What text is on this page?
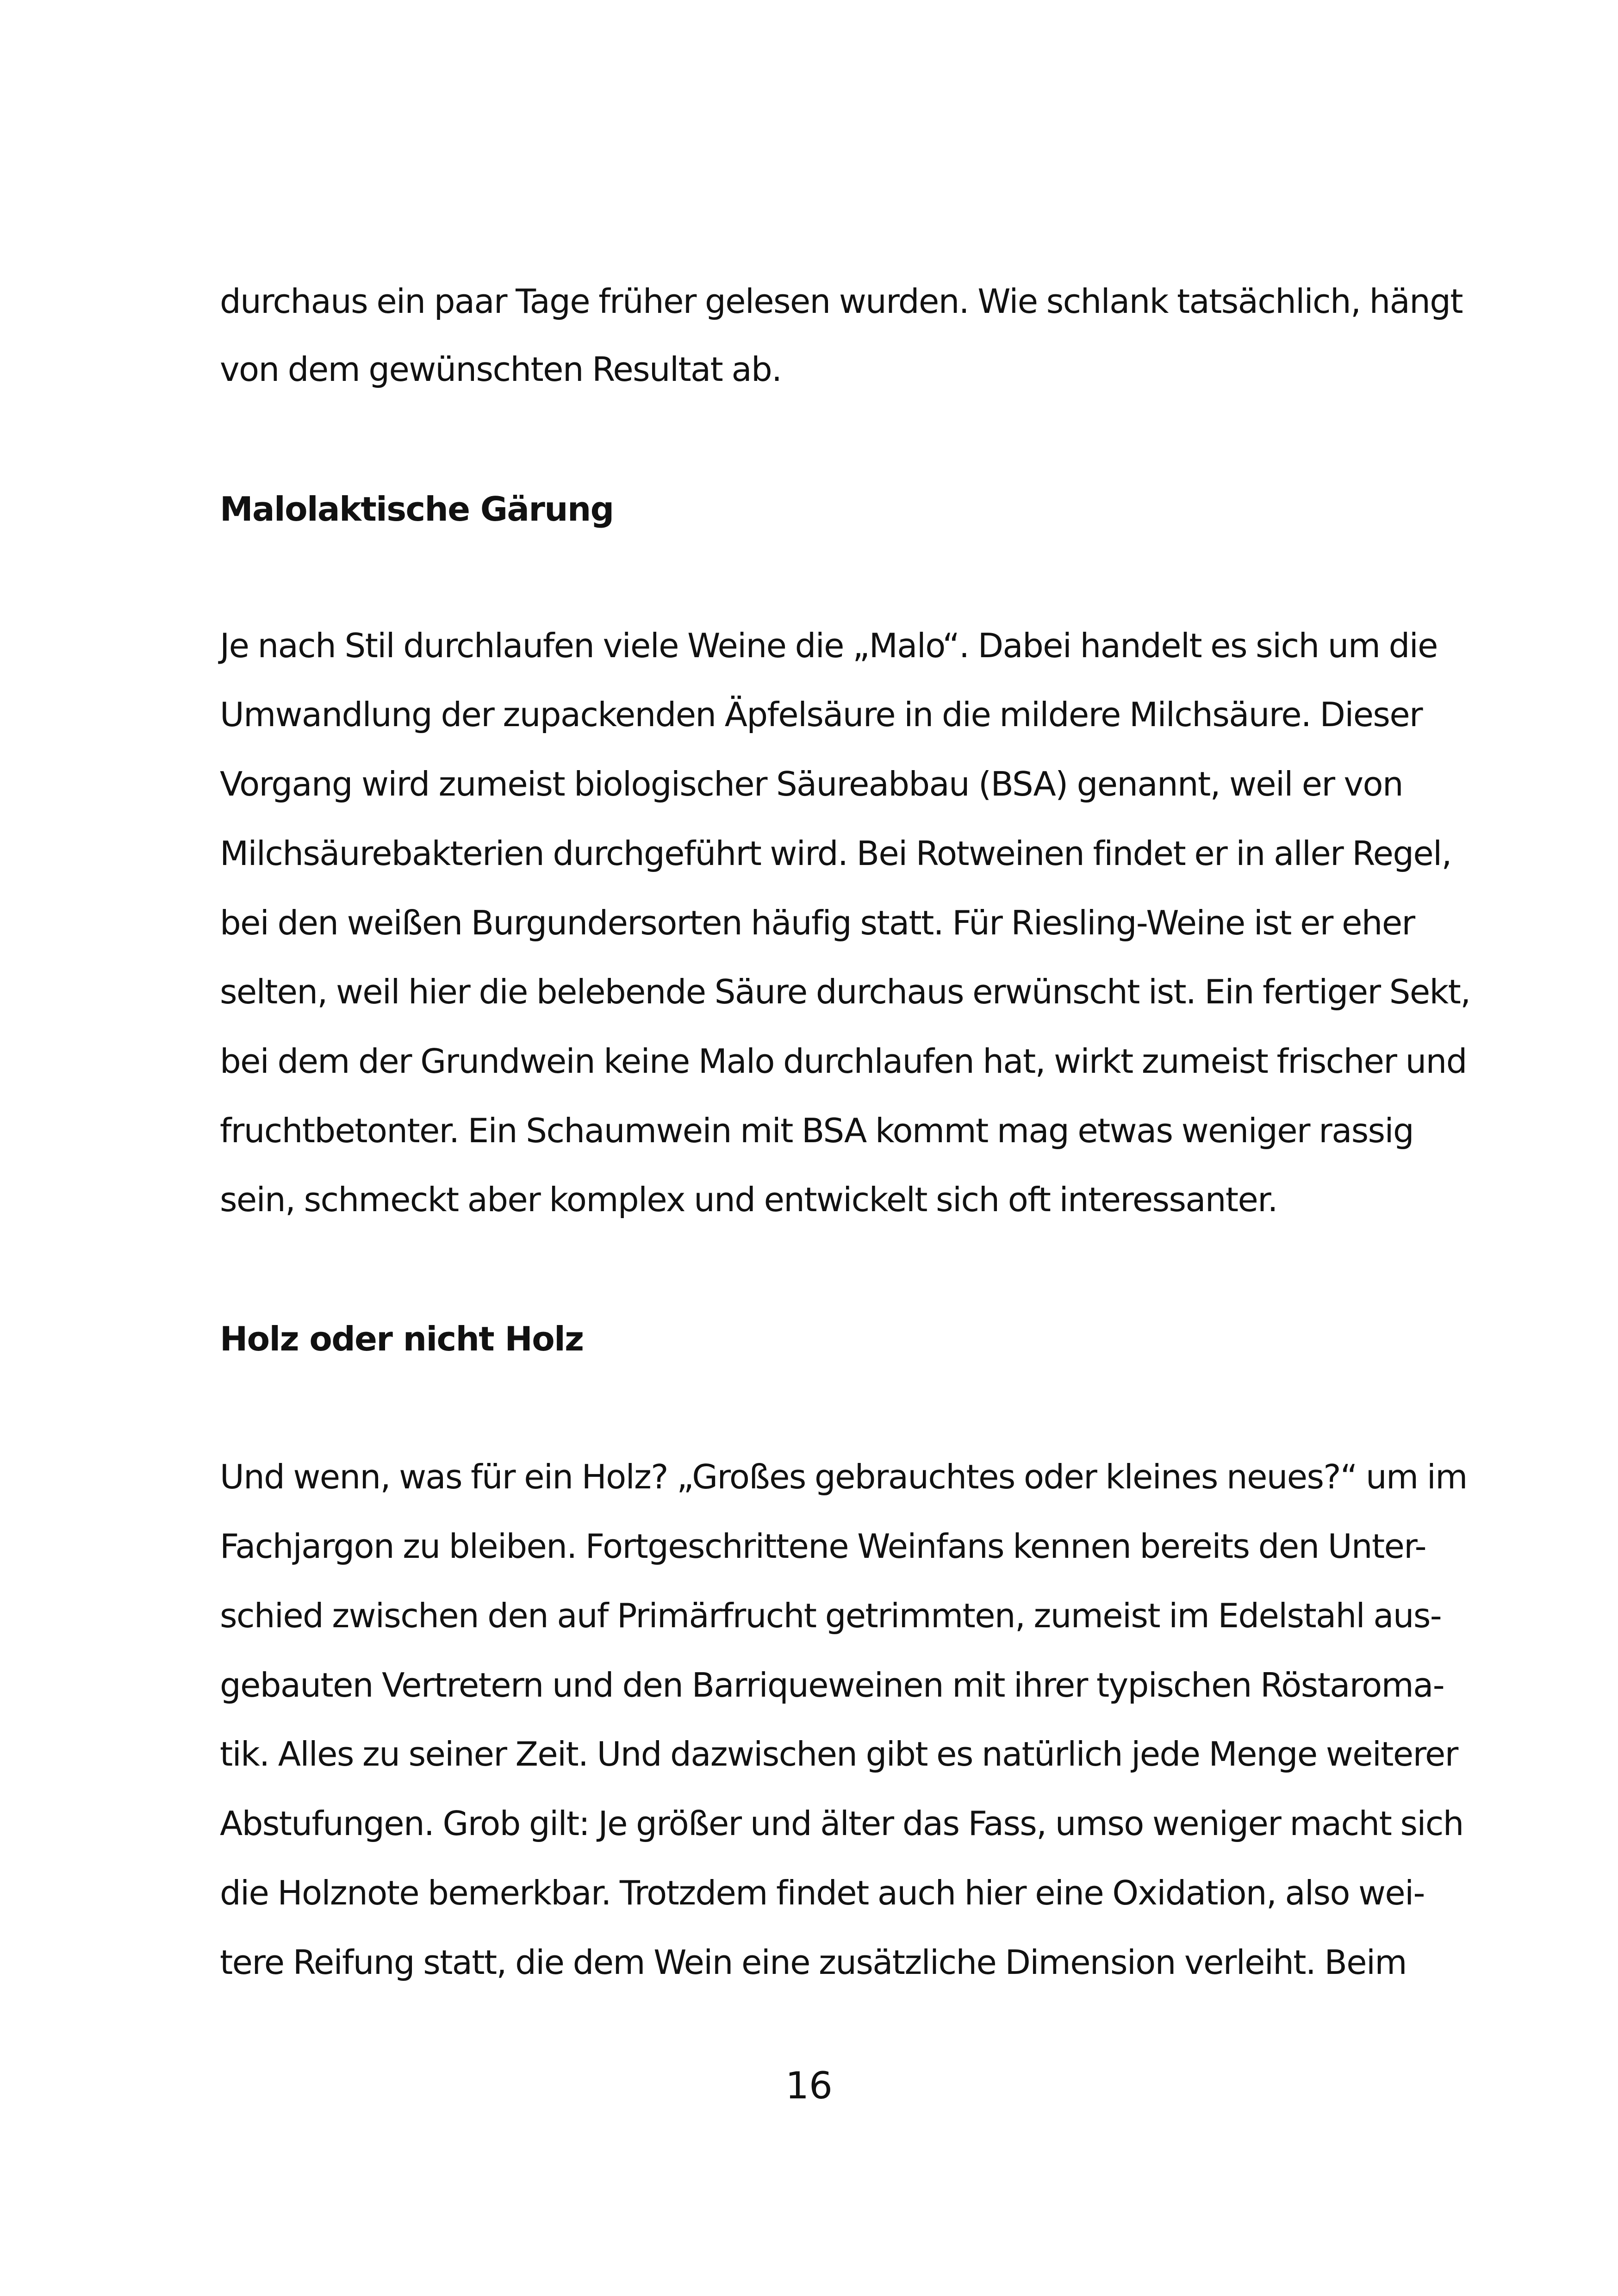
durchaus ein paar Tage früher gelesen wurden. Wie schlank tatsächlich, hängt
von dem gewünschten Resultat ab.
Malolaktische Gärung
Je nach Stil durchlaufen viele Weine die „Malo“. Dabei handelt es sich um die
Umwandlung der zupackenden Äpfelsäure in die mildere Milchsäure. Dieser
Vorgang wird zumeist biologischer Säureabbau (BSA) genannt, weil er von
Milchsäurebakterien durchgeführt wird. Bei Rotweinen findet er in aller Regel,
bei den weißen Burgundersorten häufig statt. Für Riesling-Weine ist er eher
selten, weil hier die belebende Säure durchaus erwünscht ist. Ein fertiger Sekt,
bei dem der Grundwein keine Malo durchlaufen hat, wirkt zumeist frischer und
fruchtbetonter. Ein Schaumwein mit BSA kommt mag etwas weniger rassig
sein, schmeckt aber komplex und entwickelt sich oft interessanter.
Holz oder nicht Holz
Und wenn, was für ein Holz? „Großes gebrauchtes oder kleines neues?“ um im
Fachjargon zu bleiben. Fortgeschrittene Weinfans kennen bereits den Unter-
schied zwischen den auf Primärfrucht getrimmten, zumeist im Edelstahl aus-
gebauten Vertretern und den Barriqueweinen mit ihrer typischen Röstaroma-
tik. Alles zu seiner Zeit. Und dazwischen gibt es natürlich jede Menge weiterer
Abstufungen. Grob gilt: Je größer und älter das Fass, umso weniger macht sich
die Holznote bemerkbar. Trotzdem findet auch hier eine Oxidation, also wei-
tere Reifung statt, die dem Wein eine zusätzliche Dimension verleiht. Beim
16
